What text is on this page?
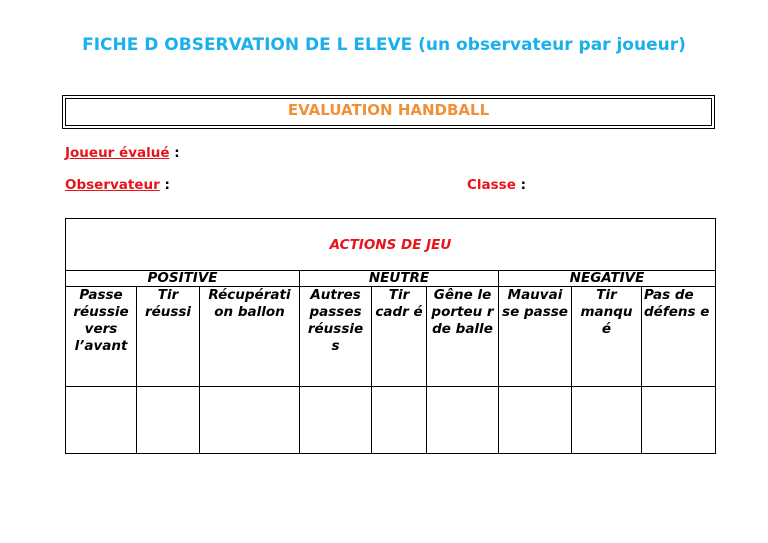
FICHE D OBSERVATION DE L ELEVE (un observateur par joueur)
EVALUATION HANDBALL
Joueur évalué :
Observateur :	Classe :
ACTIONS DE JEU								
POSITIVE			NEUTRE			NEGATIVE		
Passe réussie vers l’avant	Tir réussi	Récupérati on ballon	Autres passes réussie s	Tir cadr é	Gêne le porteu r de balle	Mauvai se passe	Tir manqu é	Pas de défens e
